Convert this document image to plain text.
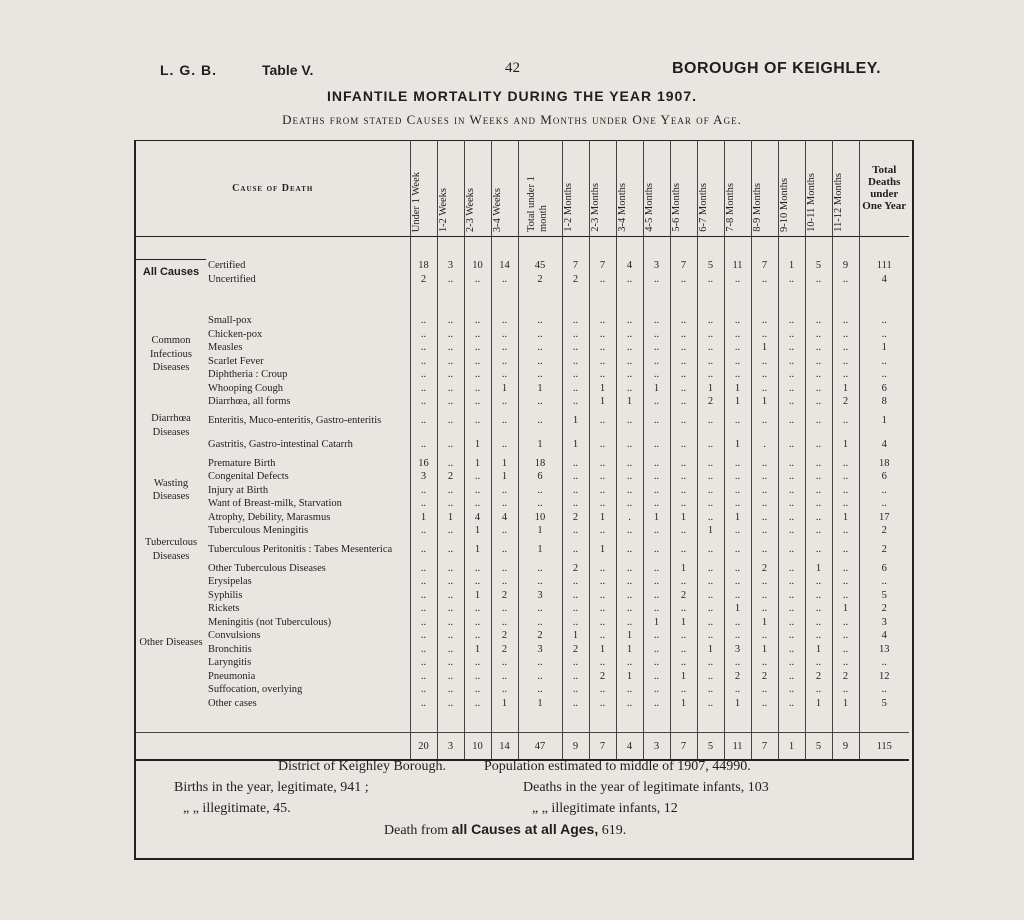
L. G. B.	Table V.	42	BOROUGH OF KEIGHLEY.
INFANTILE MORTALITY DURING THE YEAR 1907.
Deaths from stated Causes in Weeks and Months under One Year of Age.
Cause of Death		Under 1 Week	1-2 Weeks	2-3 Weeks	3-4 Weeks	Total under 1 month	1-2 Months	2-3 Months	3-4 Months	4-5 Months	5-6 Months	6-7 Months	7-8 Months	8-9 Months	9-10 Months	10-11 Months	11-12 Months	Total Deaths under One Year

All Causes	Certified	18	3	10	14	45	7	7	4	3	7	5	11	7	1	5	9	111
	Uncertified	2	..	..	..	2	2	..	..	..	..	..	..	..	..	..	..	4

Common Infectious Diseases	Small-pox	..	..	..	..	..	..	..	..	..	..	..	..	..	..	..	..	..
	Chicken-pox	..	..	..	..	..	..	..	..	..	..	..	..	..	..	..	..	..
	Measles	..	..	..	..	..	..	..	..	..	..	..	..	1	..	..	..	1
	Scarlet Fever	..	..	..	..	..	..	..	..	..	..	..	..	..	..	..	..	..
	Diphtheria : Croup	..	..	..	..	..	..	..	..	..	..	..	..	..	..	..	..	..
	Whooping Cough	..	..	..	1	1	..	1	..	1	..	1	1	..	..	..	1	6
Diarrhœa Diseases	Diarrhœa, all forms	..	..	..	..	..	..	1	1	..	..	2	1	1	..	..	2	8
	Enteritis, Muco-enteritis, Gastro-enteritis	..	..	..	..	..	1	..	..	..	..	..	..	..	..	..	..	1
	Gastritis, Gastro-intestinal Catarrh	..	..	1	..	1	1	..	..	..	..	..	1	.	..	..	1	4
Wasting Diseases	Premature Birth	16	..	1	1	18	..	..	..	..	..	..	..	..	..	..	..	18
	Congenital Defects	3	2	..	1	6	..	..	..	..	..	..	..	..	..	..	..	6
	Injury at Birth	..	..	..	..	..	..	..	..	..	..	..	..	..	..	..	..	..
	Want of Breast-milk, Starvation	..	..	..	..	..	..	..	..	..	..	..	..	..	..	..	..	..
	Atrophy, Debility, Marasmus	1	1	4	4	10	2	1	.	1	1	..	1	..	..	..	1	17
Tuberculous Diseases	Tuberculous Meningitis	..	..	1	..	1	..	..	..	..	..	1	..	..	..	..	..	2
	Tuberculous Peritonitis : Tabes Mesenterica	..	..	1	..	1	..	1	..	..	..	..	..	..	..	..	..	2
	Other Tuberculous Diseases	..	..	..	..	..	2	..	..	..	1	..	..	2	..	1	..	6
Other Diseases	Erysipelas	..	..	..	..	..	..	..	..	..	..	..	..	..	..	..	..	..
	Syphilis	..	..	1	2	3	..	..	..	..	2	..	..	..	..	..	..	5
	Rickets	..	..	..	..	..	..	..	..	..	..	..	1	..	..	..	1	2
	Meningitis (not Tuberculous)	..	..	..	..	..	..	..	..	1	1	..	..	1	..	..	..	3
	Convulsions	..	..	..	2	2	1	..	1	..	..	..	..	..	..	..	..	4
	Bronchitis	..	..	1	2	3	2	1	1	..	..	1	3	1	..	1	..	13
	Laryngitis	..	..	..	..	..	..	..	..	..	..	..	..	..	..	..	..	..
	Pneumonia	..	..	..	..	..	..	2	1	..	1	..	2	2	..	2	2	12
	Suffocation, overlying	..	..	..	..	..	..	..	..	..	..	..	..	..	..	..	..	..
	Other cases	..	..	..	1	1	..	..	..	..	1	..	1	..	..	1	1	5

		20	3	10	14	47	9	7	4	3	7	5	11	7	1	5	9	115
District of Keighley Borough.	Population estimated to middle of 1907, 44990.
Births in the year, legitimate, 941 ;	Deaths in the year of legitimate infants, 103
„ „ illegitimate, 45.	„ „ illegitimate infants, 12
Death from all Causes at all Ages, 619.
